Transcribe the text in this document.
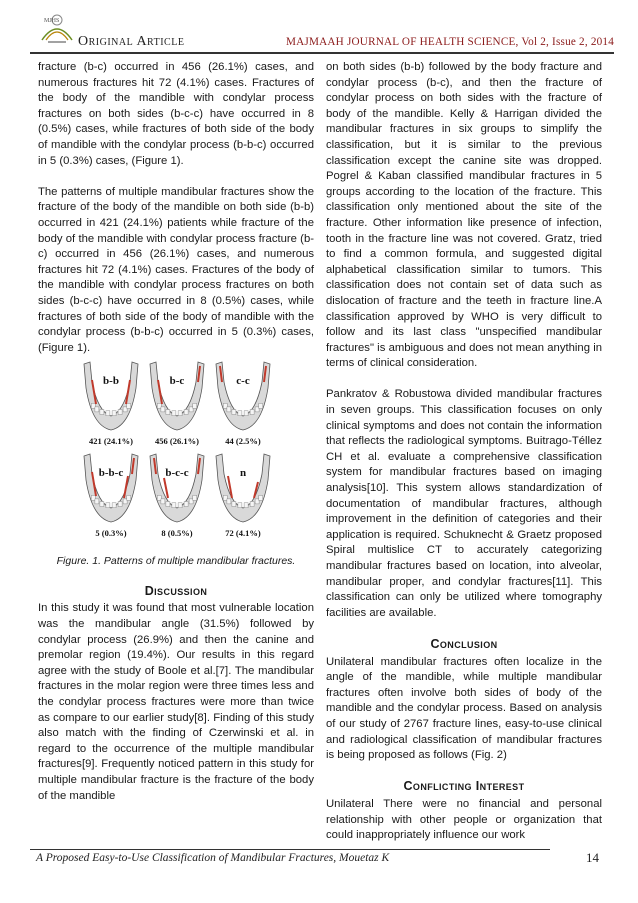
MJHS
Original Article	MAJMAAH JOURNAL OF HEALTH SCIENCE, Vol 2, Issue 2, 2014

fracture (b-c) occurred in 456 (26.1%) cases, and numerous fractures hit 72 (4.1%) cases. Fractures of the body of the mandible with condylar process fractures on both sides (b-c-c) have occurred in 8 (0.5%) cases, while fractures of both side of the body of mandible with the condylar process (b-b-c) occurred in 5 (0.3%) cases, (Figure 1).

The patterns of multiple mandibular fractures show the fracture of the body of the mandible on both side (b-b) occurred in 421 (24.1%) patients while fracture of the body of the mandible with condylar process fracture (b-c) occurred in 456 (26.1%) cases, and numerous fractures hit 72 (4.1%) cases. Fractures of the body of the mandible with condylar process fractures on both sides (b-c-c) have occurred in 8 (0.5%) cases, while fractures of both side of the body of mandible with the condylar process (b-b-c) occurred in 5 (0.3%) cases, (Figure 1).

b-b
421 (24.1%)
b-c
456 (26.1%)
c-c
44 (2.5%)
b-b-c
5 (0.3%)
b-c-c
8 (0.5%)
n
72 (4.1%)
Figure. 1. Patterns of multiple mandibular fractures.
Discussion

In this study it was found that most vulnerable location was the mandibular angle (31.5%) followed by condylar process (26.9%) and then the canine and premolar region (19.4%). Our results in this regard agree with the study of Boole et al.[7]. The mandibular fractures in the molar region were three times less and the condylar process fractures were more than twice as compare to our earlier study[8]. Finding of this study also match with the finding of Czerwinski et al. in regard to the occurrence of the multiple mandibular fractures[9]. Frequently noticed pattern in this study for multiple mandibular fracture is the fracture of the body of the mandible

on both sides (b-b) followed by the body fracture and condylar process (b-c), and then the fracture of condylar process on both sides with the fracture of body of the mandible. Kelly & Harrigan divided the mandibular fractures in six groups to simplify the classification, but it is similar to the previous classification except the canine site was dropped. Pogrel & Kaban classified mandibular fractures in 5 groups according to the location of the fracture. This classification only mentioned about the site of the fracture. Other information like presence of infection, tooth in the fracture line was not covered. Gratz, tried to find a common formula, and suggested digital alphabetical classification similar to tumors. This classification does not contain set of data such as dislocation of fracture and the teeth in fracture line.A classification approved by WHO is very difficult to follow and its last class "unspecified mandibular fractures" is ambiguous and does not mean anything in terms of clinical consideration.

Pankratov & Robustowa divided mandibular fractures in seven groups. This classification focuses on only clinical symptoms and does not contain the information that reflects the radiological symptoms. Buitrago-Téllez CH et al. evaluate a comprehensive classification system for mandibular fractures based on imaging analysis[10]. This system allows standardization of documentation of mandibular fractures, although improvement in the definition of categories and their application is required. Schuknecht & Graetz proposed Spiral multislice CT to accurately categorizing mandibular fractures based on location, into alveolar, mandibular proper, and condylar fractures[11]. This classification can only be utilized where tomography facilities are available.

Conclusion

Unilateral mandibular fractures often localize in the angle of the mandible, while multiple mandibular fractures often involve both sides of body of the mandible and the condylar process. Based on analysis of our study of 2767 fracture lines, easy-to-use clinical and radiological classification of mandibular fractures is being proposed as follows (Fig. 2)

Conflicting Interest

Unilateral There were no financial and personal relationship with other people or organization that could inappropriately influence our work

A Proposed Easy-to-Use Classification of Mandibular Fractures, Mouetaz K	14
